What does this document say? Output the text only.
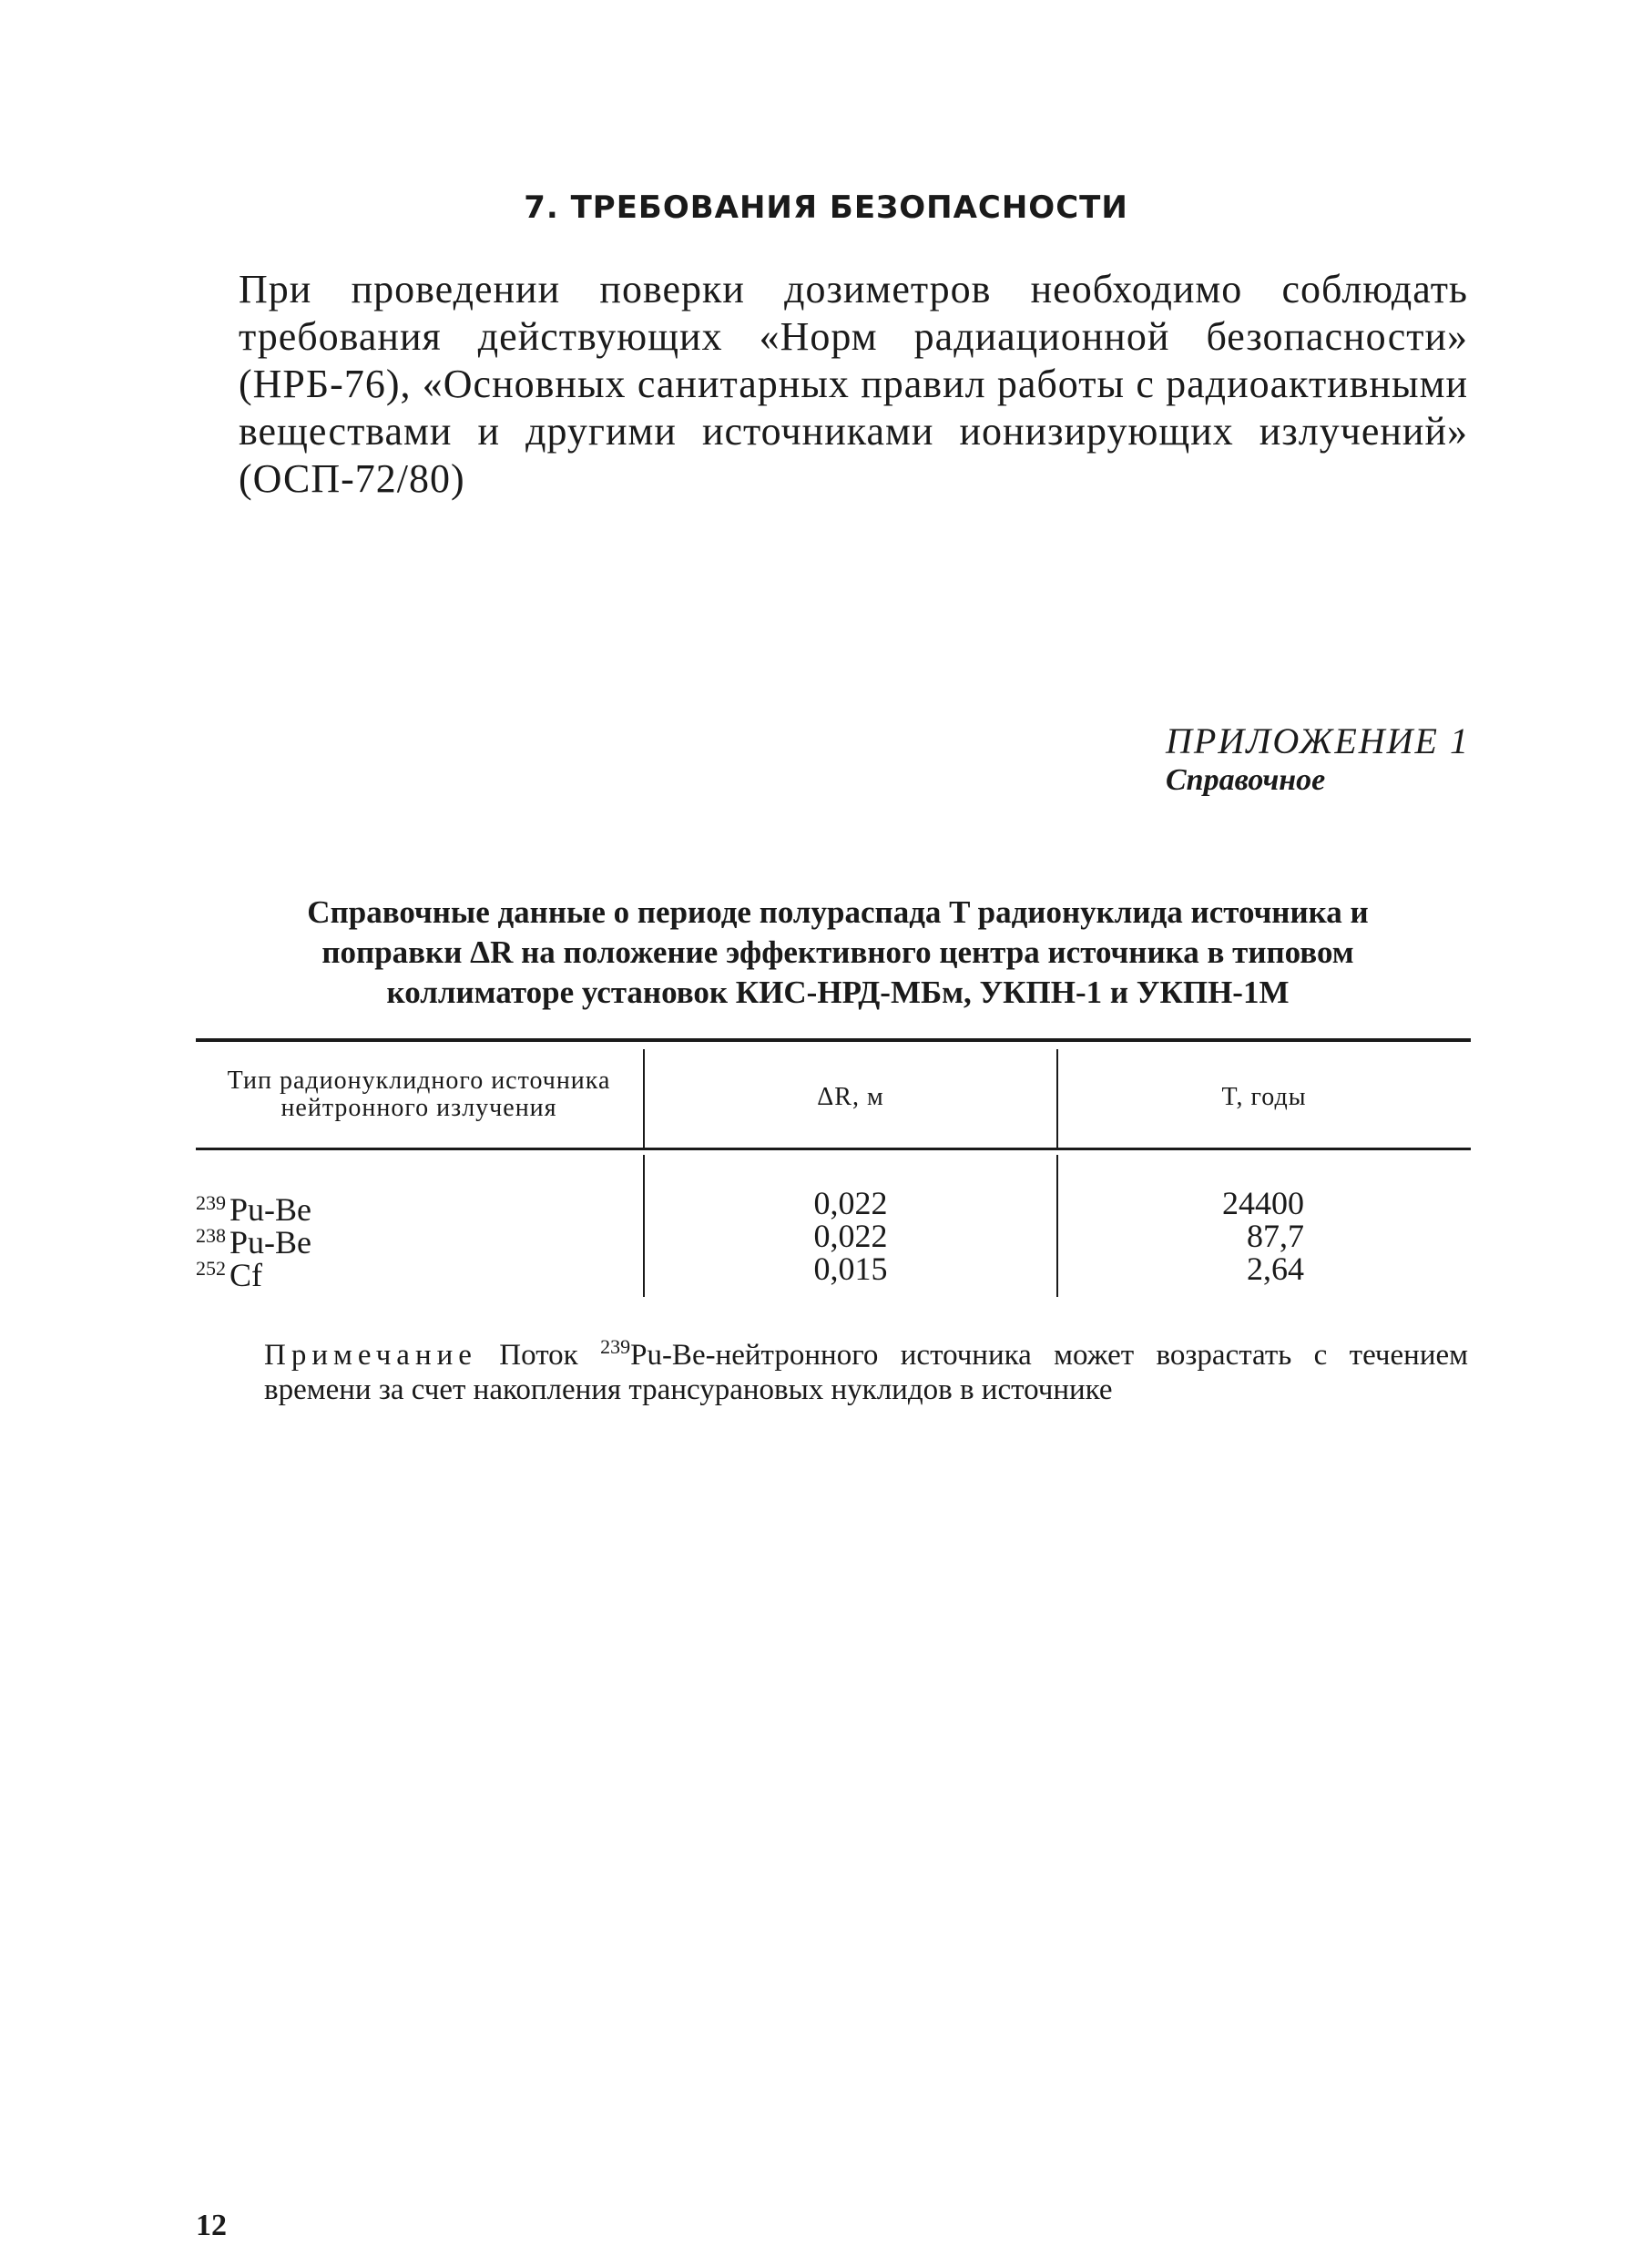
7. ТРЕБОВАНИЯ БЕЗОПАСНОСТИ
При проведении поверки дозиметров необходимо соблюдать требования действующих «Норм радиационной безопасности» (НРБ-76), «Основных санитарных правил работы с радиоактивными веществами и другими источниками ионизирующих излучений» (ОСП-72/80)
ПРИЛОЖЕНИЕ 1
Справочное
Справочные данные о периоде полураспада T радионуклида источника и поправки ΔR на положение эффективного центра источника в типовом коллиматоре установок КИС-НРД-МБм, УКПН-1 и УКПН-1М
Тип радионуклидного источника нейтронного излучения	ΔR, м	T, годы
$^{239}$ Pu-Be	0,022	24400
$^{238}$ Pu-Be	0,022	87,7
$^{252}$ Cf	0,015	2,64
Примечание Поток $^{239}$Pu-Be-нейтронного источника может возрастать с течением времени за счет накопления трансурановых нуклидов в источнике
12
